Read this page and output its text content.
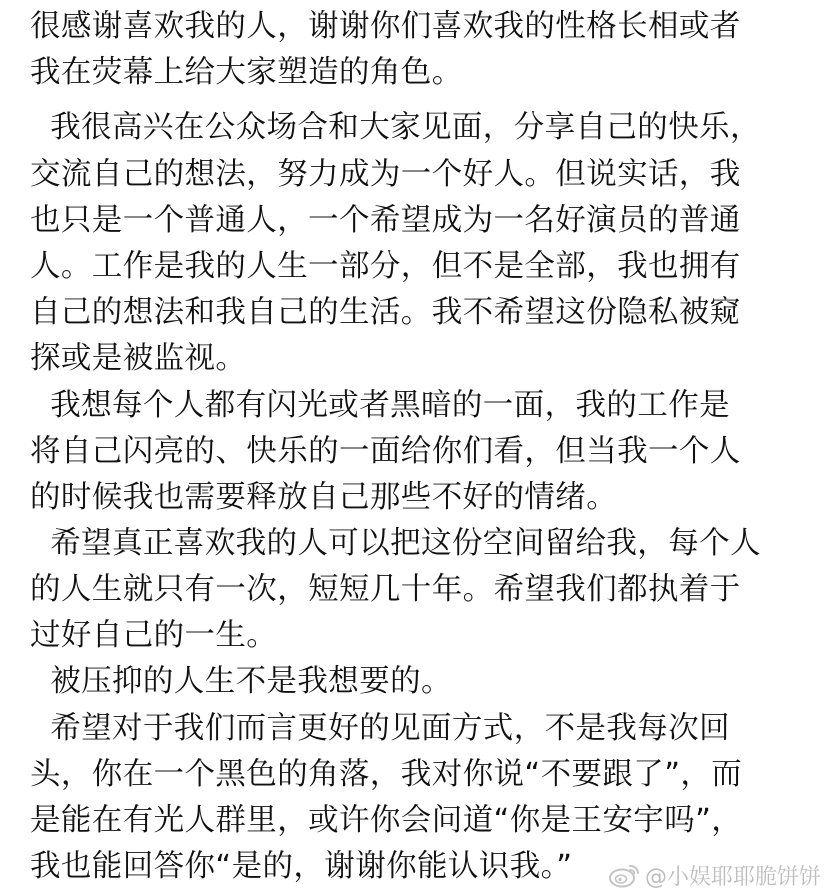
很感谢喜欢我的人，谢谢你们喜欢我的性格长相或者
我在荧幕上给大家塑造的角色。
我很高兴在公众场合和大家见面，分享自己的快乐，
交流自己的想法，努力成为一个好人。但说实话，我
也只是一个普通人，一个希望成为一名好演员的普通
人。工作是我的人生一部分，但不是全部，我也拥有
自己的想法和我自己的生活。我不希望这份隐私被窥
探或是被监视。
我想每个人都有闪光或者黑暗的一面，我的工作是
将自己闪亮的、快乐的一面给你们看，但当我一个人
的时候我也需要释放自己那些不好的情绪。
希望真正喜欢我的人可以把这份空间留给我，每个人
的人生就只有一次，短短几十年。希望我们都执着于
过好自己的一生。
被压抑的人生不是我想要的。
希望对于我们而言更好的见面方式，不是我每次回
头，你在一个黑色的角落，我对你说“不要跟了”，而
是能在有光人群里，或许你会问道“你是王安宇吗”，
我也能回答你“是的，谢谢你能认识我。”	@小娱耶耶脆饼饼
